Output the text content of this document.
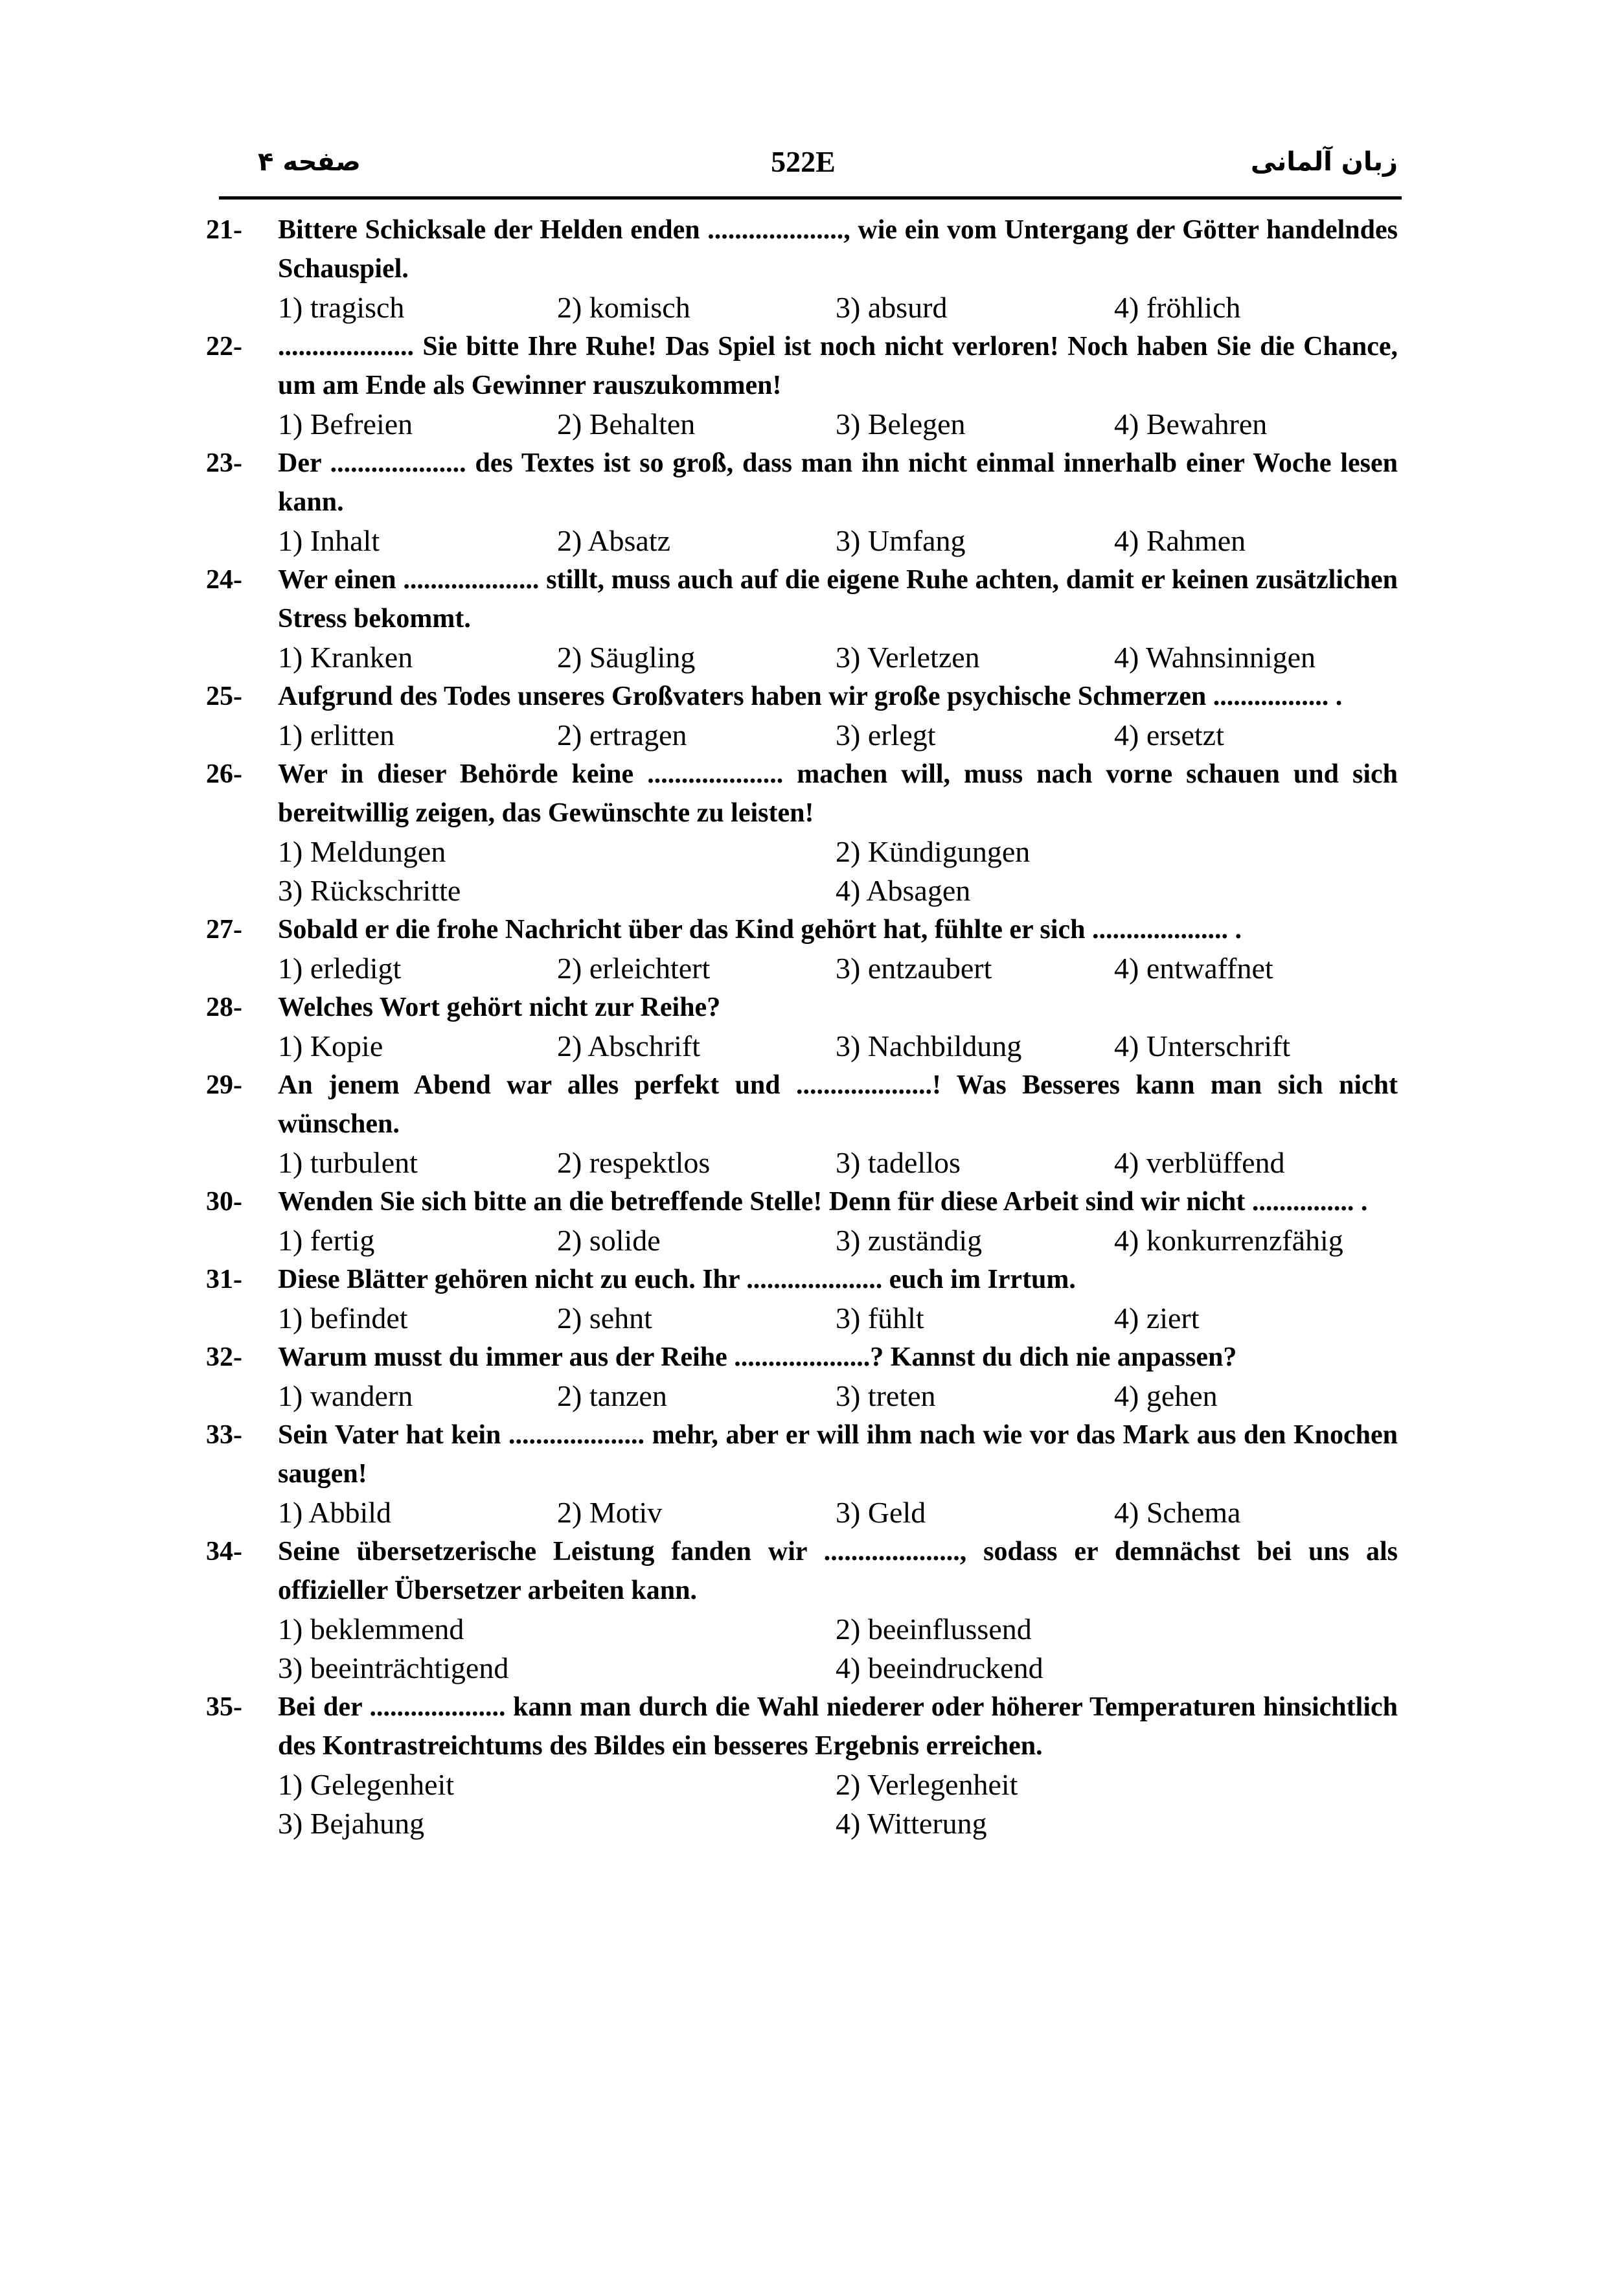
صفحه ۴	522E	زبان آلمانی
21- Bittere Schicksale der Helden enden ...................., wie ein vom Untergang der Götter handelndes Schauspiel.
1) tragisch	2) komisch	3) absurd	4) fröhlich
22- .................... Sie bitte Ihre Ruhe! Das Spiel ist noch nicht verloren! Noch haben Sie die Chance, um am Ende als Gewinner rauszukommen!
1) Befreien	2) Behalten	3) Belegen	4) Bewahren
23- Der .................... des Textes ist so groß, dass man ihn nicht einmal innerhalb einer Woche lesen kann.
1) Inhalt	2) Absatz	3) Umfang	4) Rahmen
24- Wer einen .................... stillt, muss auch auf die eigene Ruhe achten, damit er keinen zusätzlichen Stress bekommt.
1) Kranken	2) Säugling	3) Verletzen	4) Wahnsinnigen
25- Aufgrund des Todes unseres Großvaters haben wir große psychische Schmerzen ................. .
1) erlitten	2) ertragen	3) erlegt	4) ersetzt
26- Wer in dieser Behörde keine .................... machen will, muss nach vorne schauen und sich bereitwillig zeigen, das Gewünschte zu leisten!
1) Meldungen	2) Kündigungen
3) Rückschritte	4) Absagen
27- Sobald er die frohe Nachricht über das Kind gehört hat, fühlte er sich .................... .
1) erledigt	2) erleichtert	3) entzaubert	4) entwaffnet
28- Welches Wort gehört nicht zur Reihe?
1) Kopie	2) Abschrift	3) Nachbildung	4) Unterschrift
29- An jenem Abend war alles perfekt und ....................! Was Besseres kann man sich nicht wünschen.
1) turbulent	2) respektlos	3) tadellos	4) verblüffend
30- Wenden Sie sich bitte an die betreffende Stelle! Denn für diese Arbeit sind wir nicht ............... .
1) fertig	2) solide	3) zuständig	4) konkurrenzfähig
31- Diese Blätter gehören nicht zu euch. Ihr .................... euch im Irrtum.
1) befindet	2) sehnt	3) fühlt	4) ziert
32- Warum musst du immer aus der Reihe ....................? Kannst du dich nie anpassen?
1) wandern	2) tanzen	3) treten	4) gehen
33- Sein Vater hat kein .................... mehr, aber er will ihm nach wie vor das Mark aus den Knochen saugen!
1) Abbild	2) Motiv	3) Geld	4) Schema
34- Seine übersetzerische Leistung fanden wir ...................., sodass er demnächst bei uns als offizieller Übersetzer arbeiten kann.
1) beklemmend	2) beeinflussend
3) beeinträchtigend	4) beeindruckend
35- Bei der .................... kann man durch die Wahl niederer oder höherer Temperaturen hinsichtlich des Kontrastreichtums des Bildes ein besseres Ergebnis erreichen.
1) Gelegenheit	2) Verlegenheit
3) Bejahung	4) Witterung
